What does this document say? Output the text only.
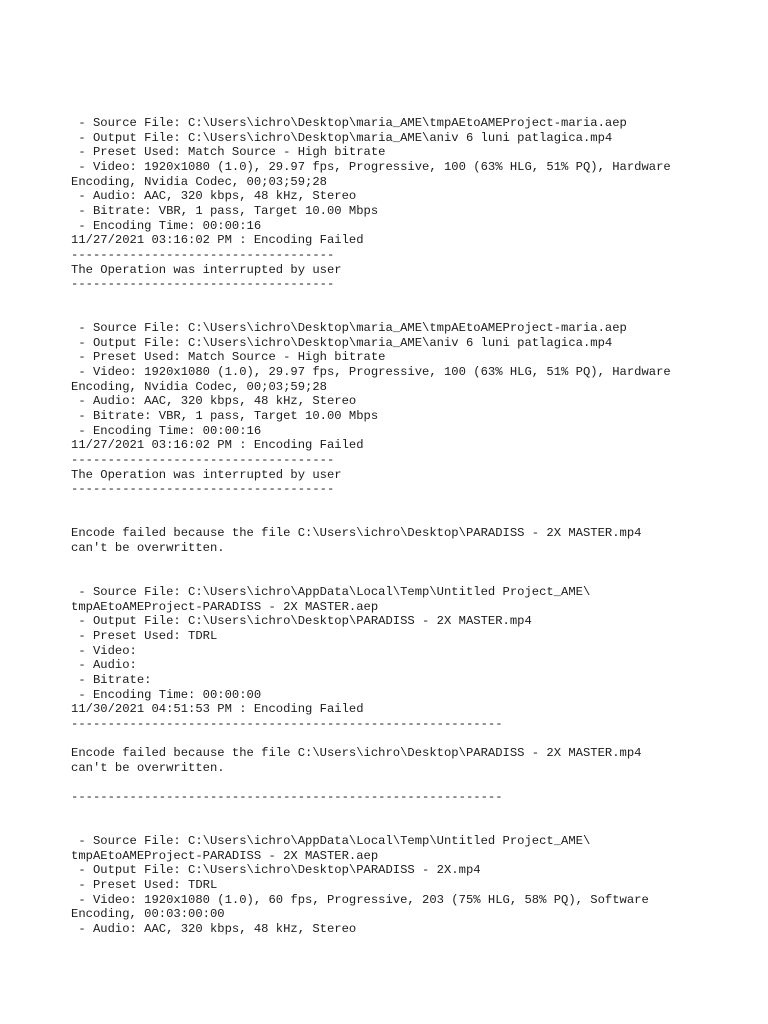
- Source File: C:\Users\ichro\Desktop\maria_AME\tmpAEtoAMEProject-maria.aep
- Output File: C:\Users\ichro\Desktop\maria_AME\aniv 6 luni patlagica.mp4
- Preset Used: Match Source - High bitrate
- Video: 1920x1080 (1.0), 29.97 fps, Progressive, 100 (63% HLG, 51% PQ), Hardware
Encoding, Nvidia Codec, 00;03;59;28
- Audio: AAC, 320 kbps, 48 kHz, Stereo
- Bitrate: VBR, 1 pass, Target 10.00 Mbps
- Encoding Time: 00:00:16
11/27/2021 03:16:02 PM : Encoding Failed
------------------------------------
The Operation was interrupted by user
------------------------------------
- Source File: C:\Users\ichro\Desktop\maria_AME\tmpAEtoAMEProject-maria.aep
- Output File: C:\Users\ichro\Desktop\maria_AME\aniv 6 luni patlagica.mp4
- Preset Used: Match Source - High bitrate
- Video: 1920x1080 (1.0), 29.97 fps, Progressive, 100 (63% HLG, 51% PQ), Hardware
Encoding, Nvidia Codec, 00;03;59;28
- Audio: AAC, 320 kbps, 48 kHz, Stereo
- Bitrate: VBR, 1 pass, Target 10.00 Mbps
- Encoding Time: 00:00:16
11/27/2021 03:16:02 PM : Encoding Failed
------------------------------------
The Operation was interrupted by user
------------------------------------
Encode failed because the file C:\Users\ichro\Desktop\PARADISS - 2X MASTER.mp4
can't be overwritten.
- Source File: C:\Users\ichro\AppData\Local\Temp\Untitled Project_AME\
tmpAEtoAMEProject-PARADISS - 2X MASTER.aep
- Output File: C:\Users\ichro\Desktop\PARADISS - 2X MASTER.mp4
- Preset Used: TDRL
- Video:
- Audio:
- Bitrate:
- Encoding Time: 00:00:00
11/30/2021 04:51:53 PM : Encoding Failed
-----------------------------------------------------------
Encode failed because the file C:\Users\ichro\Desktop\PARADISS - 2X MASTER.mp4
can't be overwritten.
-----------------------------------------------------------
- Source File: C:\Users\ichro\AppData\Local\Temp\Untitled Project_AME\
tmpAEtoAMEProject-PARADISS - 2X MASTER.aep
- Output File: C:\Users\ichro\Desktop\PARADISS - 2X.mp4
- Preset Used: TDRL
- Video: 1920x1080 (1.0), 60 fps, Progressive, 203 (75% HLG, 58% PQ), Software
Encoding, 00:03:00:00
- Audio: AAC, 320 kbps, 48 kHz, Stereo
